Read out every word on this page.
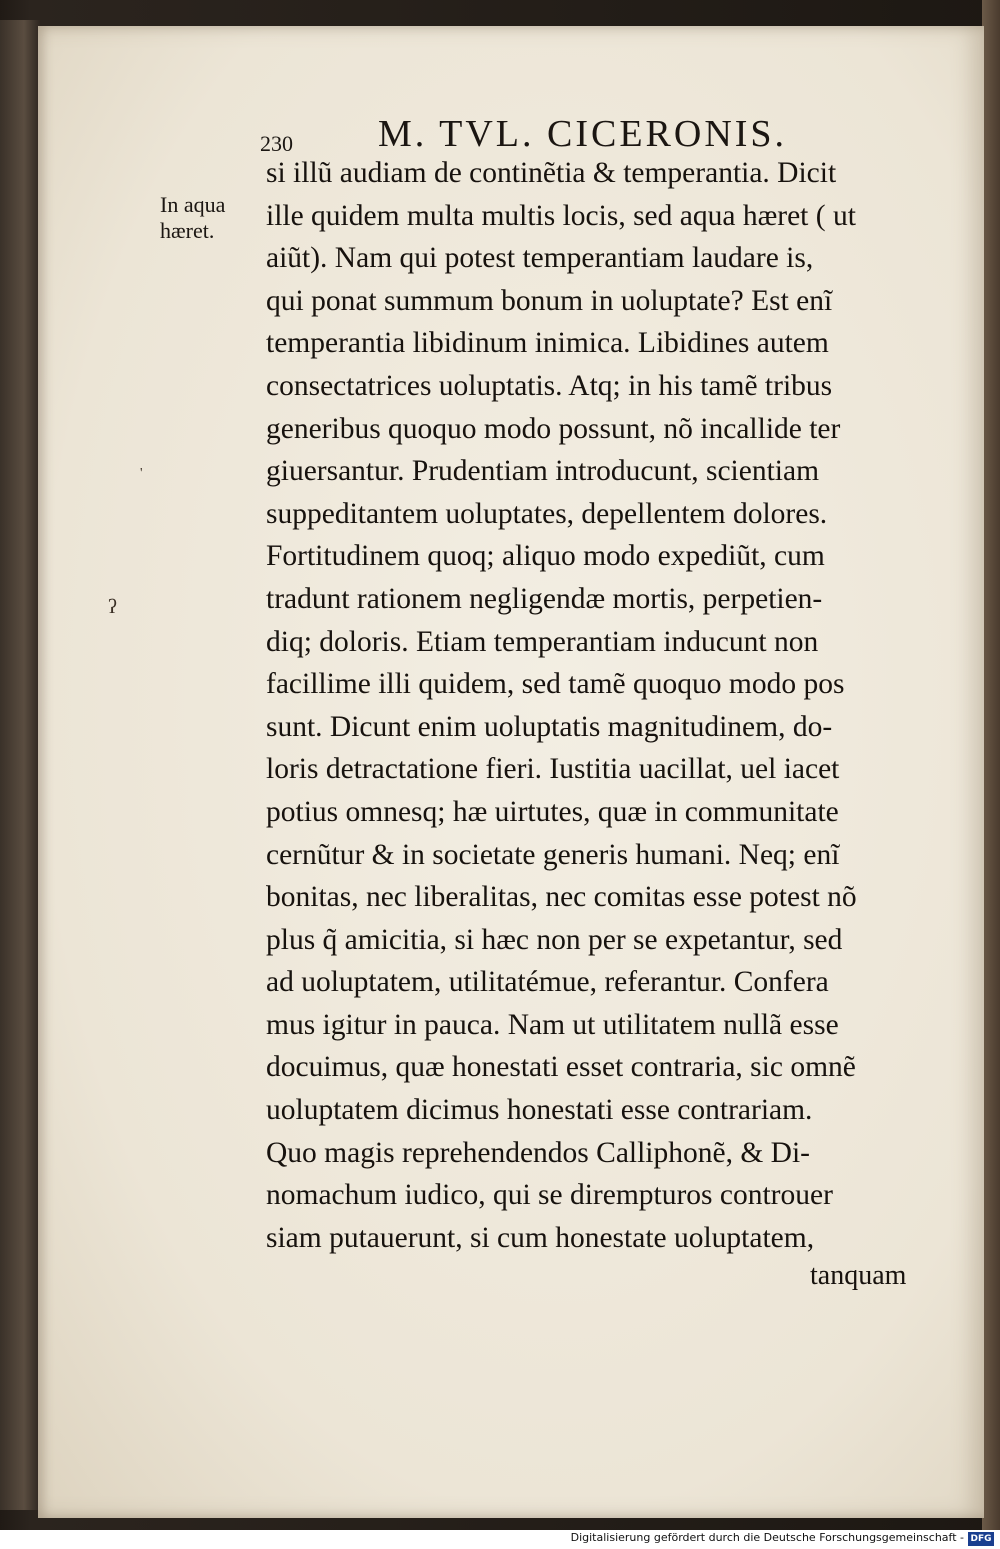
ʔ
'
230 M. TVL. CICERONIS.
In aqua
hæret.
si illũ audiam de continẽtia & temperantia. Dicit
ille quidem multa multis locis, sed aqua hæret ( ut
aiũt). Nam qui potest temperantiam laudare is,
qui ponat summum bonum in uoluptate? Est enĩ
temperantia libidinum inimica. Libidines autem
consectatrices uoluptatis. Atq; in his tamẽ tribus
generibus quoquo modo possunt, nõ incallide ter
giuersantur. Prudentiam introducunt, scientiam
suppeditantem uoluptates, depellentem dolores.
Fortitudinem quoq; aliquo modo expediũt, cum
tradunt rationem negligendæ mortis, perpetien-
diq; doloris. Etiam temperantiam inducunt non
facillime illi quidem, sed tamẽ quoquo modo pos
sunt. Dicunt enim uoluptatis magnitudinem, do-
loris detractatione fieri. Iustitia uacillat, uel iacet
potius omnesq; hæ uirtutes, quæ in communitate
cernũtur & in societate generis humani. Neq; enĩ
bonitas, nec liberalitas, nec comitas esse potest nõ
plus q̃ amicitia, si hæc non per se expetantur, sed
ad uoluptatem, utilitatémue, referantur. Confera
mus igitur in pauca. Nam ut utilitatem nullã esse
docuimus, quæ honestati esset contraria, sic omnẽ
uoluptatem dicimus honestati esse contrariam.
Quo magis reprehendendos Calliphonẽ, & Di-
nomachum iudico, qui se dirempturos controuer
siam putauerunt, si cum honestate uoluptatem,
tanquam
Digitalisierung gefördert durch die Deutsche Forschungsgemeinschaft - DFG
